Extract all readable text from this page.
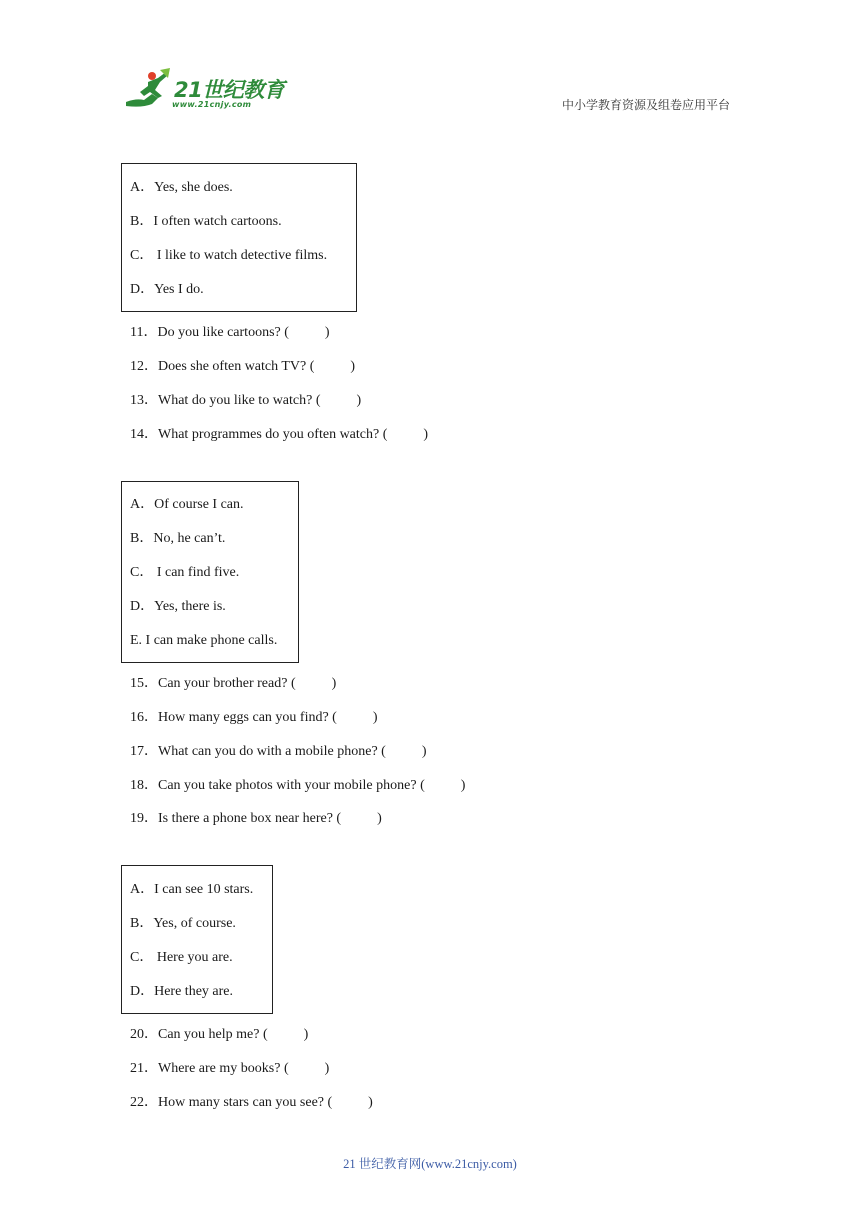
21世纪教育
www.21cnjy.com	中小学教育资源及组卷应用平台
A．Yes, she does.
B．I often watch cartoons.
C． I like to watch detective films.
D．Yes I do.
11．Do you like cartoons? (	)
12．Does she often watch TV? (	)
13．What do you like to watch? (	)
14．What programmes do you often watch? (	)
A．Of course I can.
B．No, he can’t.
C． I can find five.
D．Yes, there is.
E. I can make phone calls.
15．Can your brother read? (	)
16．How many eggs can you find? (	)
17．What can you do with a mobile phone? (	)
18．Can you take photos with your mobile phone? (	)
19．Is there a phone box near here? (	)
A．I can see 10 stars.
B．Yes, of course.
C． Here you are.
D．Here they are.
20．Can you help me? (	)
21．Where are my books? (	)
22．How many stars can you see? (	)
21 世纪教育网(www.21cnjy.com)
